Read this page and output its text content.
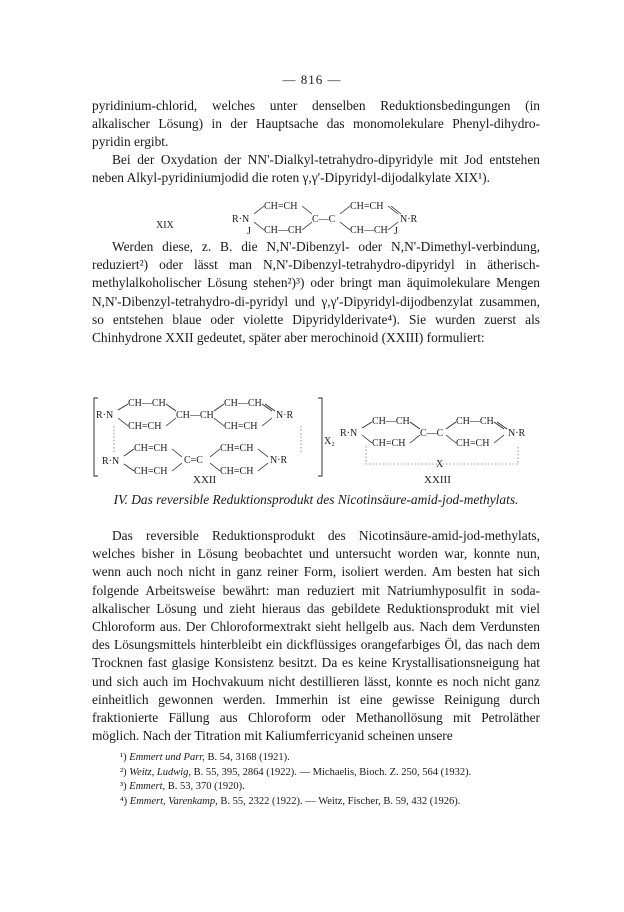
— 816 —

pyridinium-chlorid, welches unter denselben Reduktionsbedingungen (in alkalischer Lösung) in der Hauptsache das monomolekulare Phenyl-dihydro-pyridin ergibt.

Bei der Oxydation der NN'-Dialkyl-tetrahydro-dipyridyle mit Jod entstehen neben Alkyl-pyridiniumjodid die roten γ,γ'-Dipyridyl-dijodalkylate XIX¹).

XIX
R·N
J
CH=CH
CH—CH
C—C
CH=CH
CH—CH
N·R
J

Werden diese, z. B. die N,N'-Dibenzyl- oder N,N'-Dimethyl-verbindung, reduziert²) oder lässt man N,N'-Dibenzyl-tetrahydro-dipyridyl in ätherisch-methylalkoholischer Lösung stehen²)³) oder bringt man äquimolekulare Mengen N,N'-Dibenzyl-tetrahydro-di-pyridyl und γ,γ'-Dipyridyl-dijodbenzylat zusammen, so entstehen blaue oder violette Dipyridylderivate⁴). Sie wurden zuerst als Chinhydrone XXII gedeutet, später aber merochinoid (XXIII) formuliert:

X₂
R·N
CH—CH
CH=CH
CH—CH
CH—CH
CH=CH
N·R
R·N
CH=CH
CH=CH
C=C
CH=CH
CH=CH
N·R
XXII
R·N
CH—CH
CH=CH
C—C
CH—CH
CH=CH
N·R
X
XXIII
IV. Das reversible Reduktionsprodukt des Nicotinsäure-amid-jod-methylats.

Das reversible Reduktionsprodukt des Nicotinsäure-amid-jod-methylats, welches bisher in Lösung beobachtet und untersucht worden war, konnte nun, wenn auch noch nicht in ganz reiner Form, isoliert werden. Am besten hat sich folgende Arbeitsweise bewährt: man reduziert mit Natriumhyposulfit in soda-alkalischer Lösung und zieht hieraus das gebildete Reduktionsprodukt mit viel Chloroform aus. Der Chloroformextrakt sieht hellgelb aus. Nach dem Verdunsten des Lösungsmittels hinterbleibt ein dickflüssiges orangefarbiges Öl, das nach dem Trocknen fast glasige Konsistenz besitzt. Da es keine Krystallisationsneigung hat und sich auch im Hochvakuum nicht destillieren lässt, konnte es noch nicht ganz einheitlich gewonnen werden. Immerhin ist eine gewisse Reinigung durch fraktionierte Fällung aus Chloroform oder Methanollösung mit Petroläther möglich. Nach der Titration mit Kaliumferricyanid scheinen unsere

¹) Emmert und Parr, B. 54, 3168 (1921).
²) Weitz, Ludwig, B. 55, 395, 2864 (1922). — Michaelis, Bioch. Z. 250, 564 (1932).
³) Emmert, B. 53, 370 (1920).
⁴) Emmert, Varenkamp, B. 55, 2322 (1922). — Weitz, Fischer, B. 59, 432 (1926).
